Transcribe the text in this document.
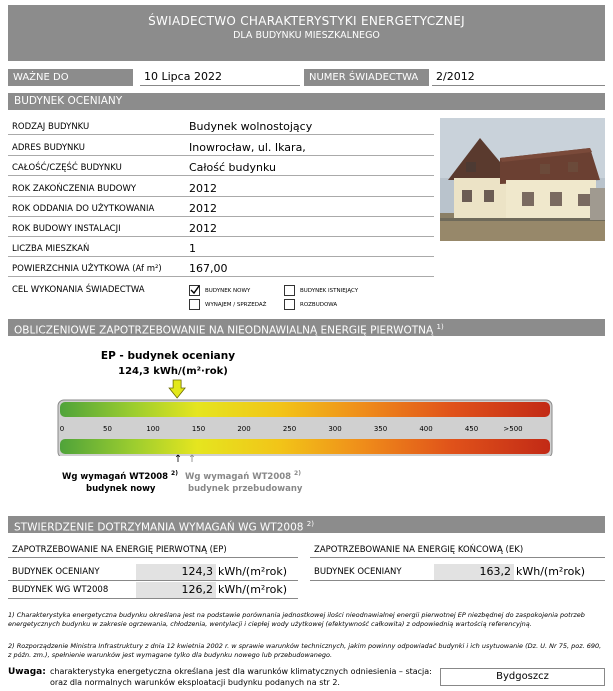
ŚWIADECTWO CHARAKTERYSTYKI ENERGETYCZNEJ
DLA BUDYNKU MIESZKALNEGO
WAŻNE DO	10 Lipca 2022	NUMER ŚWIADECTWA	2/2012
BUDYNEK OCENIANY
RODZAJ BUDYNKU	Budynek wolnostojący
ADRES BUDYNKU	Inowrocław, ul. Ikara,
CAŁOŚĆ/CZĘŚĆ BUDYNKU	Całość budynku
ROK ZAKOŃCZENIA BUDOWY	2012
ROK ODDANIA DO UŻYTKOWANIA	2012
ROK BUDOWY INSTALACJI	2012
LICZBA MIESZKAŃ	1
POWIERZCHNIA UŻYTKOWA (Af m²)	167,00
CEL WYKONANIA ŚWIADECTWA	BUDYNEK NOWY	BUDYNEK ISTNIEJĄCY
WYNAJEM / SPRZEDAŻ	ROZBUDOWA
OBLICZENIOWE ZAPOTRZEBOWANIE NA NIEODNAWIALNĄ ENERGIĘ PIERWOTNĄ $^{1)}$
EP - budynek oceniany
124,3 kWh/(m²·rok)
0	50	100	150	200	250	300	350	400	450	>500
↑ ↑
Wg wymagań WT2008 $^{2)}$
budynek nowy
Wg wymagań WT2008 $^{2)}$
budynek przebudowany
STWIERDZENIE DOTRZYMANIA WYMAGAŃ WG WT2008 $^{2)}$
ZAPOTRZEBOWANIE NA ENERGIĘ PIERWOTNĄ (EP)	ZAPOTRZEBOWANIE NA ENERGIĘ KOŃCOWĄ (EK)
BUDYNEK OCENIANY	124,3 kWh/(m²rok)
BUDYNEK WG WT2008	126,2 kWh/(m²rok)
BUDYNEK OCENIANY	163,2 kWh/(m²rok)
1) Charakterystyka energetyczna budynku określana jest na podstawie porównania jednostkowej ilości nieodnawialnej energii pierwotnej EP niezbędnej do zaspokojenia potrzeb energetycznych budynku w zakresie ogrzewania, chłodzenia, wentylacji i ciepłej wody użytkowej (efektywność całkowita) z odpowiednią wartością referencyjną.
2) Rozporządzenie Ministra Infrastruktury z dnia 12 kwietnia 2002 r. w sprawie warunków technicznych, jakim powinny odpowiadać budynki i ich usytuowanie (Dz. U. Nr 75, poz. 690, z późn. zm.), spełnienie warunków jest wymagane tylko dla budynku nowego lub przebudowanego.
Uwaga: charakterystyka energetyczna określana jest dla warunków klimatycznych odniesienia – stacja:
oraz dla normalnych warunków eksploatacji budynku podanych na str 2.
Bydgoszcz
